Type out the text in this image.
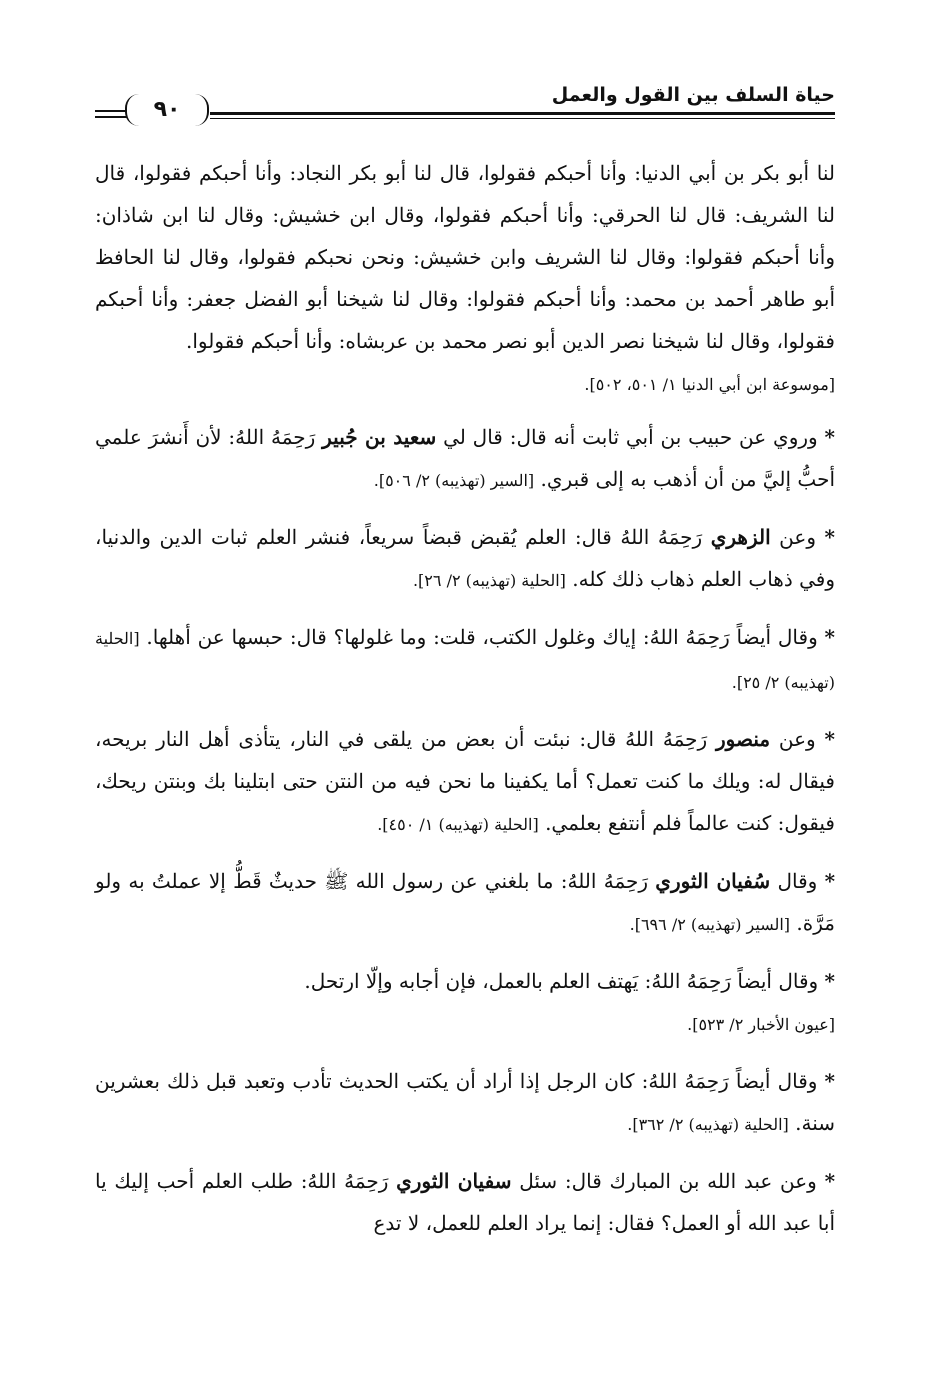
حياة السلف بين القول والعمل
٩٠

لنا أبو بكر بن أبي الدنيا: وأنا أحبكم فقولوا، قال لنا أبو بكر النجاد: وأنا أحبكم فقولوا، قال لنا الشريف: قال لنا الحرقي: وأنا أحبكم فقولوا، وقال ابن خشيش: وقال لنا ابن شاذان: وأنا أحبكم فقولوا: وقال لنا الشريف وابن خشيش: ونحن نحبكم فقولوا، وقال لنا الحافظ أبو طاهر أحمد بن محمد: وأنا أحبكم فقولوا: وقال لنا شيخنا أبو الفضل جعفر: وأنا أحبكم فقولوا، وقال لنا شيخنا نصر الدين أبو نصر محمد بن عربشاه: وأنا أحبكم فقولوا.
[موسوعة ابن أبي الدنيا ١/ ٥٠١، ٥٠٢].

* وروي عن حبيب بن أبي ثابت أنه قال: قال لي سعيد بن جُبير رَحِمَهُ اللهُ: لأن أَنشرَ علمي أحبُّ إليَّ من أن أذهب به إلى قبري. [السير (تهذيبه) ٢/ ٥٠٦].

* وعن الزهري رَحِمَهُ اللهُ قال: العلم يُقبض قبضاً سريعاً، فنشر العلم ثبات الدين والدنيا، وفي ذهاب العلم ذهاب ذلك كله. [الحلية (تهذيبه) ٢/ ٢٦].

* وقال أيضاً رَحِمَهُ اللهُ: إياك وغلول الكتب، قلت: وما غلولها؟ قال: حبسها عن أهلها. [الحلية (تهذيبه) ٢/ ٢٥].

* وعن منصور رَحِمَهُ اللهُ قال: نبئت أن بعض من يلقى في النار، يتأذى أهل النار بريحه، فيقال له: ويلك ما كنت تعمل؟ أما يكفينا ما نحن فيه من النتن حتى ابتلينا بك وبنتن ريحك، فيقول: كنت عالماً فلم أنتفع بعلمي. [الحلية (تهذيبه) ١/ ٤٥٠].

* وقال سُفيان الثوري رَحِمَهُ اللهُ: ما بلغني عن رسول الله ﷺ حديثٌ قَطُّ إلا عملتُ به ولو مَرَّة. [السير (تهذيبه) ٢/ ٦٩٦].

* وقال أيضاً رَحِمَهُ اللهُ: يَهتف العلم بالعمل، فإن أجابه وإلّا ارتحل.
[عيون الأخبار ٢/ ٥٢٣].

* وقال أيضاً رَحِمَهُ اللهُ: كان الرجل إذا أراد أن يكتب الحديث تأدب وتعبد قبل ذلك بعشرين سنة. [الحلية (تهذيبه) ٢/ ٣٦٢].

* وعن عبد الله بن المبارك قال: سئل سفيان الثوري رَحِمَهُ اللهُ: طلب العلم أحب إليك يا أبا عبد الله أو العمل؟ فقال: إنما يراد العلم للعمل، لا تدع
